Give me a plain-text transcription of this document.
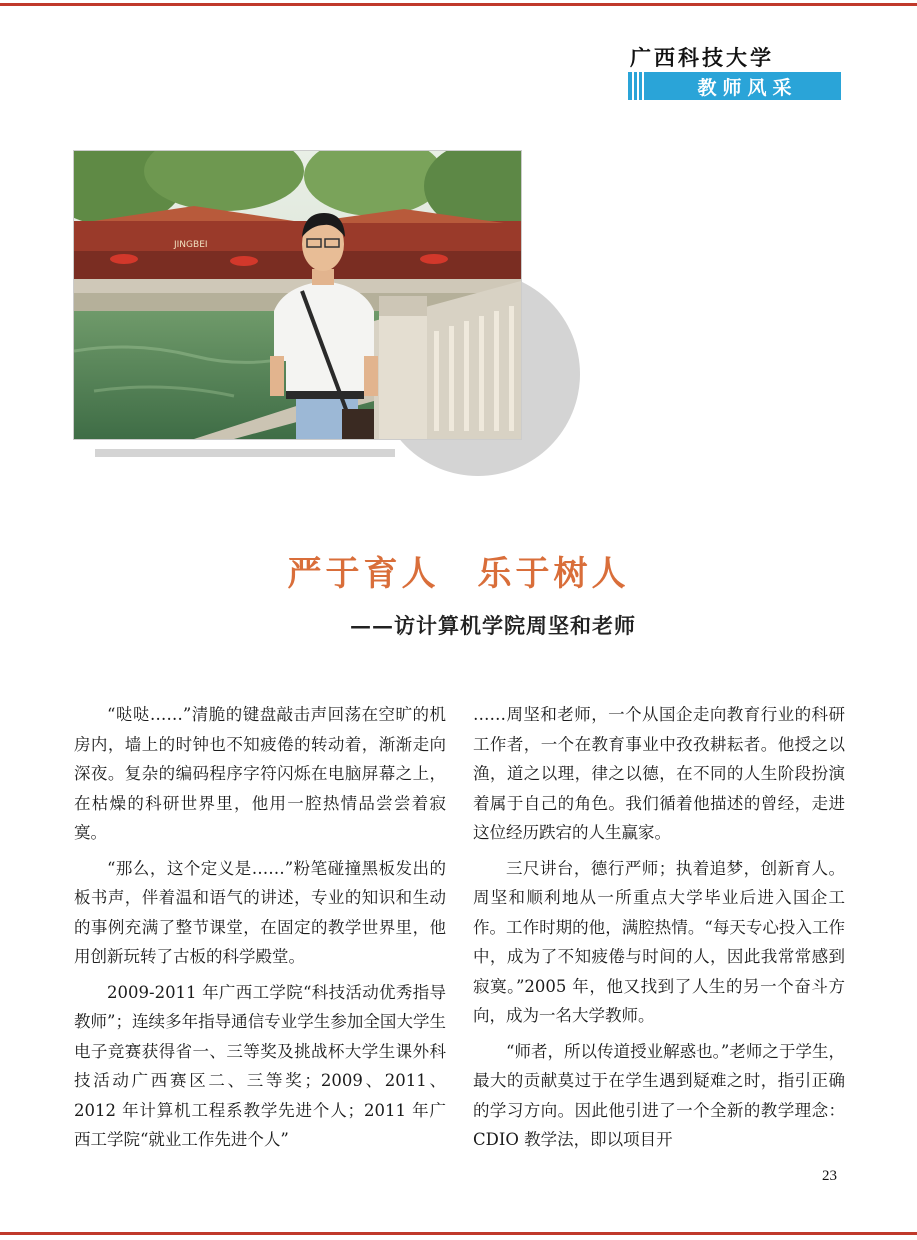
广西科技大学
教师风采
JINGBEI
严于育人　乐于树人
——访计算机学院周坚和老师

“哒哒……”清脆的键盘敲击声回荡在空旷的机房内，墙上的时钟也不知疲倦的转动着，渐渐走向深夜。复杂的编码程序字符闪烁在电脑屏幕之上，在枯燥的科研世界里，他用一腔热情品尝尝着寂寞。

“那么，这个定义是……”粉笔碰撞黑板发出的板书声，伴着温和语气的讲述，专业的知识和生动的事例充满了整节课堂，在固定的教学世界里，他用创新玩转了古板的科学殿堂。

2009-2011 年广西工学院“科技活动优秀指导教师”；连续多年指导通信专业学生参加全国大学生电子竞赛获得省一、三等奖及挑战杯大学生课外科技活动广西赛区二、三等奖；2009、2011、2012 年计算机工程系教学先进个人；2011 年广西工学院“就业工作先进个人”

……周坚和老师，一个从国企走向教育行业的科研工作者，一个在教育事业中孜孜耕耘者。他授之以渔，道之以理，律之以德，在不同的人生阶段扮演着属于自己的角色。我们循着他描述的曾经，走进这位经历跌宕的人生赢家。

三尺讲台，德行严师；执着追梦，创新育人。周坚和顺利地从一所重点大学毕业后进入国企工作。工作时期的他，满腔热情。“每天专心投入工作中，成为了不知疲倦与时间的人，因此我常常感到寂寞。”2005 年，他又找到了人生的另一个奋斗方向，成为一名大学教师。

“师者，所以传道授业解惑也。”老师之于学生，最大的贡献莫过于在学生遇到疑难之时，指引正确的学习方向。因此他引进了一个全新的教学理念：CDIO 教学法，即以项目开

23
